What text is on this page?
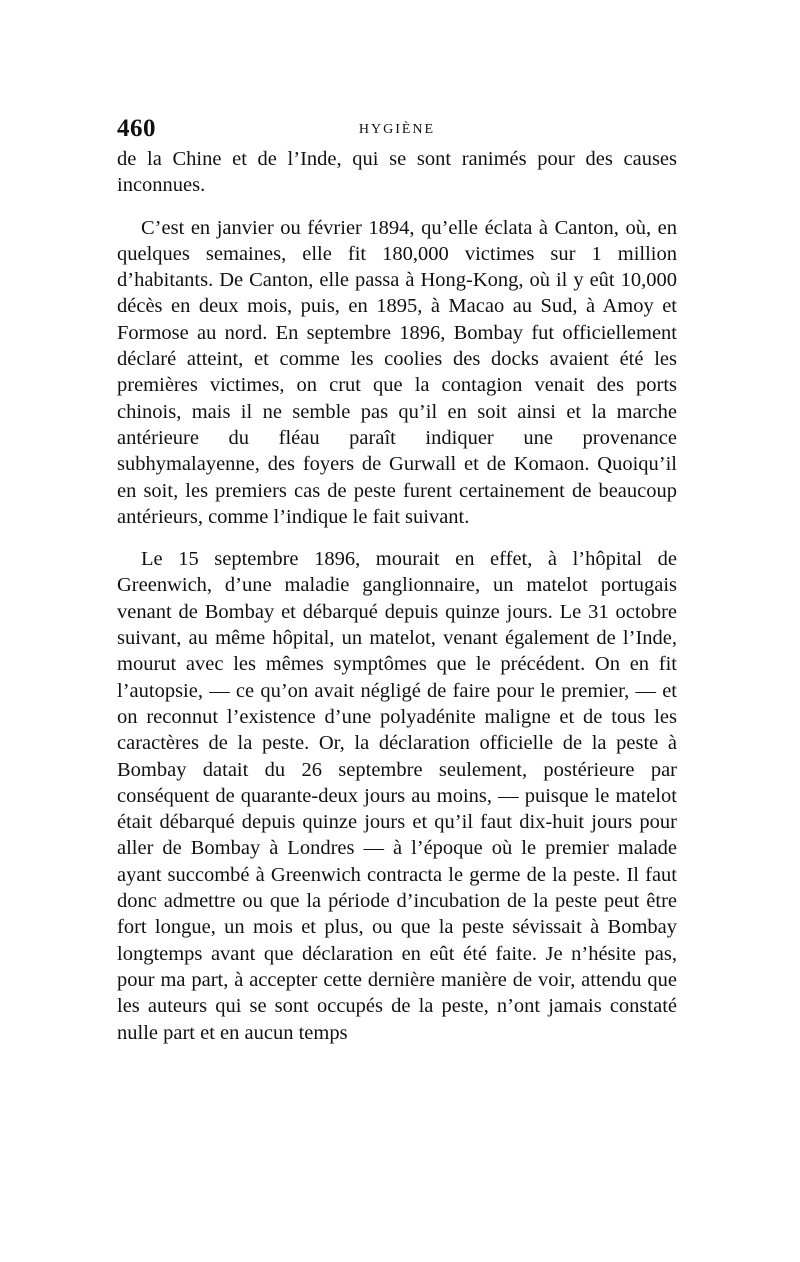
460	HYGIÈNE

de la Chine et de l’Inde, qui se sont ranimés pour des causes inconnues.

C’est en janvier ou février 1894, qu’elle éclata à Canton, où, en quelques semaines, elle fit 180,000 victimes sur 1 million d’habitants. De Canton, elle passa à Hong-Kong, où il y eût 10,000 décès en deux mois, puis, en 1895, à Macao au Sud, à Amoy et Formose au nord. En septembre 1896, Bombay fut officiellement déclaré atteint, et comme les coolies des docks avaient été les premières victimes, on crut que la contagion venait des ports chinois, mais il ne semble pas qu’il en soit ainsi et la marche antérieure du fléau paraît indiquer une provenance subhymalayenne, des foyers de Gurwall et de Komaon. Quoiqu’il en soit, les premiers cas de peste furent certainement de beaucoup antérieurs, comme l’indique le fait suivant.

Le 15 septembre 1896, mourait en effet, à l’hôpital de Greenwich, d’une maladie ganglionnaire, un matelot portugais venant de Bombay et débarqué depuis quinze jours. Le 31 octobre suivant, au même hôpital, un matelot, venant également de l’Inde, mourut avec les mêmes symptômes que le précédent. On en fit l’autopsie, — ce qu’on avait négligé de faire pour le premier, — et on reconnut l’existence d’une polyadénite maligne et de tous les caractères de la peste. Or, la déclaration officielle de la peste à Bombay datait du 26 septembre seulement, postérieure par conséquent de quarante-deux jours au moins, — puisque le matelot était débarqué depuis quinze jours et qu’il faut dix-huit jours pour aller de Bombay à Londres — à l’époque où le premier malade ayant succombé à Greenwich contracta le germe de la peste. Il faut donc admettre ou que la période d’incubation de la peste peut être fort longue, un mois et plus, ou que la peste sévissait à Bombay longtemps avant que déclaration en eût été faite. Je n’hésite pas, pour ma part, à accepter cette dernière manière de voir, attendu que les auteurs qui se sont occupés de la peste, n’ont jamais constaté nulle part et en aucun temps
